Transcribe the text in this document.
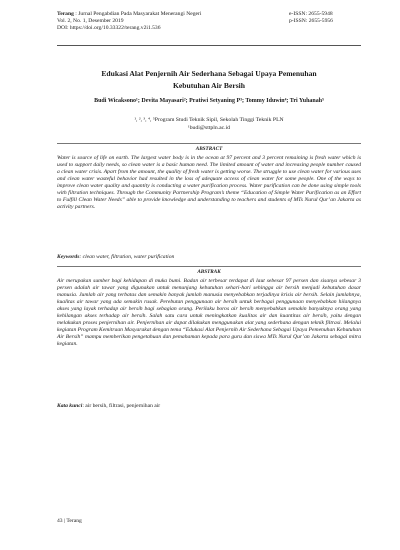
Terang : Jurnal Pengabdian Pada Masyarakat Menerangi Negeri
Vol. 2, No. 1, Desember 2019
DOI: https://doi.org/10.33322/terang.v2i1.536
e-ISSN: 2655-5948
p-ISSN: 2655-5956
Edukasi Alat Penjernih Air Sederhana Sebagai Upaya Pemenuhan
Kebutuhan Air Bersih
Budi Wicaksono¹; Devita Mayasari²; Pratiwi Setyaning P³; Tommy Iduwin⁴; Tri Yuhanah⁵
¹, ², ³, ⁴, ⁵Program Studi Teknik Sipil, Sekolah Tinggi Teknik PLN
¹budi@sttpln.ac.id
ABSTRACT
Water is source of life on earth. The largest water body is in the ocean at 97 percent and 3 percent remaining is fresh water which is used to support daily needs, so clean water is a basic human need. The limited amount of water and increasing people number caused a clean water crisis. Apart from the amount, the quality of fresh water is getting worse. The struggle to use clean water for various uses and clean water wasteful behavior had resulted in the loss of adequate access of clean water for some people. One of the ways to improve clean water quality and quantity is conducting a water purification process. Water purification can be done using simple tools with filtration techniques. Through the Community Partnership Program’s theme “Education of Simple Water Purification as an Effort to Fulfill Clean Water Needs” able to provide knowledge and understanding to teachers and students of MTs Nurul Qur’an Jakarta as activity partners.
Keywords: clean water, filtration, water purification
ABSTRAK
Air merupakan sumber bagi kehidupan di muka bumi. Badan air terbesar terdapat di laut sebesar 97 persen dan sisanya sebesar 3 persen adalah air tawar yang digunakan untuk menunjang kebutuhan sehari-hari sehingga air bersih menjadi kebutuhan dasar manusia. Jumlah air yang terbatas dan semakin banyak jumlah manusia menyebabkan terjadinya krisis air bersih. Selain jumlahnya, kualitas air tawar yang ada semakin rusak. Perebutan penggunaan air bersih untuk berbagai penggunaan menyebabkan hilangnya akses yang layak terhadap air bersih bagi sebagian orang. Perilaku boros air bersih menyebabkan semakin banyaknya orang yang kehilangan akses terhadap air bersih. Salah satu cara untuk meningkatkan kualitas air dan kuantitas air bersih, yaitu dengan melakukan proses penjernihan air. Penjernihan air dapat dilakukan menggunakan alat yang sederhana dengan teknik filtrasi. Melalui kegiatan Program Kemitraan Masyarakat dengan tema “Edukasi Alat Penjernih Air Sederhana Sebagai Upaya Pemenuhan Kebutuhan Air Bersih” mampu memberikan pengetahuan dan pemahaman kepada para guru dan siswa MTs Nurul Qur’an Jakarta sebagai mitra kegiatan.
Kata kunci: air bersih, filtrasi, penjernihan air
43 | Terang
